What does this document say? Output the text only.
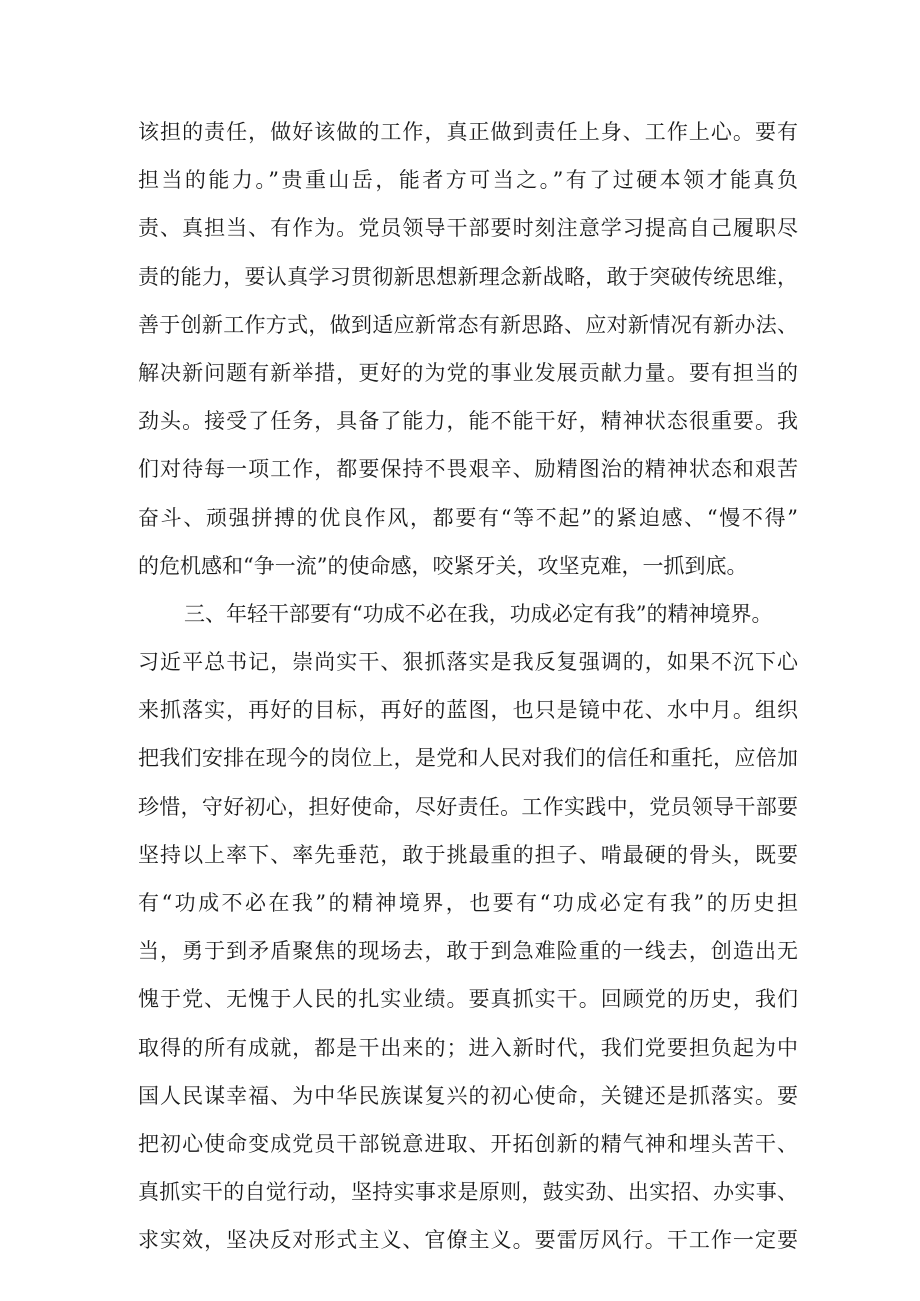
该担的责任，做好该做的工作，真正做到责任上身、工作上心。要有
担当的能力。”贵重山岳，能者方可当之。”有了过硬本领才能真负
责、真担当、有作为。党员领导干部要时刻注意学习提高自己履职尽
责的能力，要认真学习贯彻新思想新理念新战略，敢于突破传统思维，
善于创新工作方式，做到适应新常态有新思路、应对新情况有新办法、
解决新问题有新举措，更好的为党的事业发展贡献力量。要有担当的
劲头。接受了任务，具备了能力，能不能干好，精神状态很重要。我
们对待每一项工作，都要保持不畏艰辛、励精图治的精神状态和艰苦
奋斗、顽强拼搏的优良作风，都要有“等不起”的紧迫感、“慢不得”
的危机感和“争一流”的使命感，咬紧牙关，攻坚克难，一抓到底。
三、年轻干部要有“功成不必在我，功成必定有我”的精神境界。
习近平总书记，崇尚实干、狠抓落实是我反复强调的，如果不沉下心
来抓落实，再好的目标，再好的蓝图，也只是镜中花、水中月。组织
把我们安排在现今的岗位上，是党和人民对我们的信任和重托，应倍加
珍惜，守好初心，担好使命，尽好责任。工作实践中，党员领导干部要
坚持以上率下、率先垂范，敢于挑最重的担子、啃最硬的骨头，既要
有“功成不必在我”的精神境界，也要有“功成必定有我”的历史担
当，勇于到矛盾聚焦的现场去，敢于到急难险重的一线去，创造出无
愧于党、无愧于人民的扎实业绩。要真抓实干。回顾党的历史，我们
取得的所有成就，都是干出来的；进入新时代，我们党要担负起为中
国人民谋幸福、为中华民族谋复兴的初心使命，关键还是抓落实。要
把初心使命变成党员干部锐意进取、开拓创新的精气神和埋头苦干、
真抓实干的自觉行动，坚持实事求是原则，鼓实劲、出实招、办实事、
求实效，坚决反对形式主义、官僚主义。要雷厉风行。干工作一定要
